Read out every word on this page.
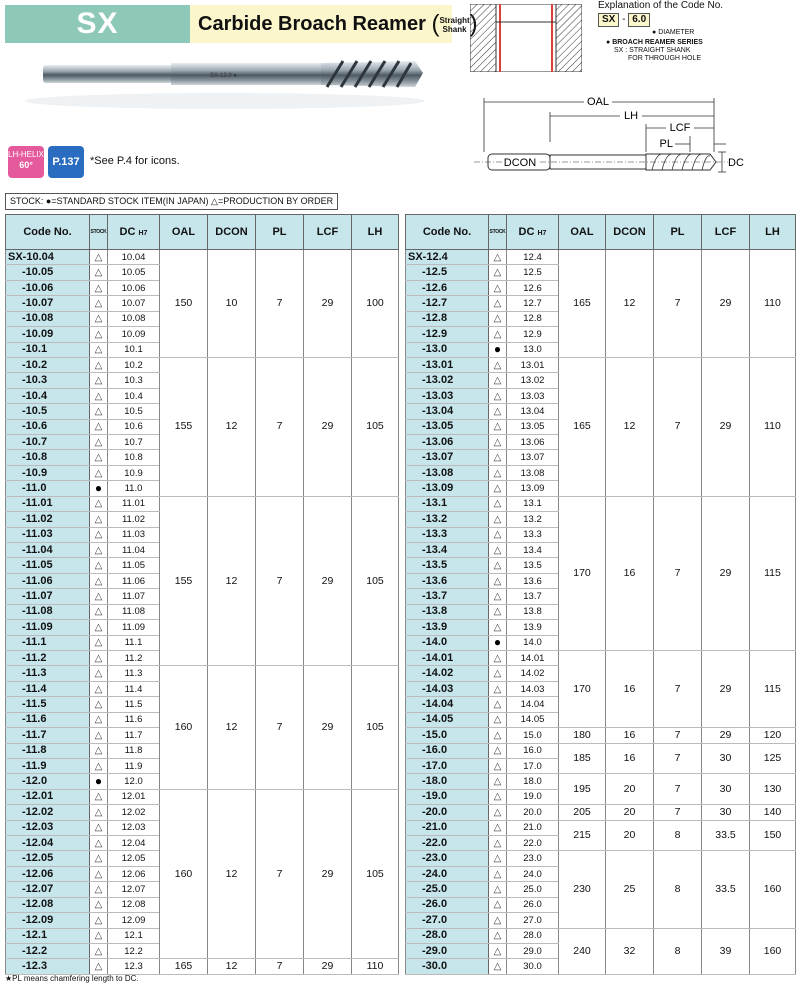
SX	Carbide Broach Reamer (Straight
Shank
SX-12.0 ●
LH-HELIX
60°	P.137 *See P.4 for icons.
Explanation of the Code No.
SX - 6.0
● DIAMETER
● BROACH REAMER SERIES
SX : STRAIGHT SHANK
FOR THROUGH HOLE
OAL
LH
LCF
PL
DCON	DC
STOCK: ●=STANDARD STOCK ITEM(IN JAPAN) △=PRODUCTION BY ORDER
Code No.	STOCK	DC H7	OAL	DCON	PL	LCF	LH
SX-10.04	△	10.04	150	10	7	29	100
-10.05	△	10.05					
-10.06	△	10.06					
-10.07	△	10.07					
-10.08	△	10.08					
-10.09	△	10.09					
-10.1	△	10.1					
-10.2	△	10.2	155	12	7	29	105
-10.3	△	10.3					
-10.4	△	10.4					
-10.5	△	10.5					
-10.6	△	10.6					
-10.7	△	10.7					
-10.8	△	10.8					
-10.9	△	10.9					
-11.0	●	11.0					
-11.01	△	11.01	155	12	7	29	105
-11.02	△	11.02					
-11.03	△	11.03					
-11.04	△	11.04					
-11.05	△	11.05					
-11.06	△	11.06					
-11.07	△	11.07					
-11.08	△	11.08					
-11.09	△	11.09					
-11.1	△	11.1					
-11.2	△	11.2					
-11.3	△	11.3	160	12	7	29	105
-11.4	△	11.4					
-11.5	△	11.5					
-11.6	△	11.6					
-11.7	△	11.7					
-11.8	△	11.8					
-11.9	△	11.9					
-12.0	●	12.0					
-12.01	△	12.01	160	12	7	29	105
-12.02	△	12.02					
-12.03	△	12.03					
-12.04	△	12.04					
-12.05	△	12.05					
-12.06	△	12.06					
-12.07	△	12.07					
-12.08	△	12.08					
-12.09	△	12.09					
-12.1	△	12.1					
-12.2	△	12.2					
-12.3	△	12.3	165	12	7	29	110
Code No.	STOCK	DC H7	OAL	DCON	PL	LCF	LH
SX-12.4	△	12.4	165	12	7	29	110
-12.5	△	12.5					
-12.6	△	12.6					
-12.7	△	12.7					
-12.8	△	12.8					
-12.9	△	12.9					
-13.0	●	13.0					
-13.01	△	13.01	165	12	7	29	110
-13.02	△	13.02					
-13.03	△	13.03					
-13.04	△	13.04					
-13.05	△	13.05					
-13.06	△	13.06					
-13.07	△	13.07					
-13.08	△	13.08					
-13.09	△	13.09					
-13.1	△	13.1	170	16	7	29	115
-13.2	△	13.2					
-13.3	△	13.3					
-13.4	△	13.4					
-13.5	△	13.5					
-13.6	△	13.6					
-13.7	△	13.7					
-13.8	△	13.8					
-13.9	△	13.9					
-14.0	●	14.0					
-14.01	△	14.01	170	16	7	29	115
-14.02	△	14.02					
-14.03	△	14.03					
-14.04	△	14.04					
-14.05	△	14.05					
-15.0	△	15.0	180	16	7	29	120
-16.0	△	16.0	185	16	7	30	125
-17.0	△	17.0					
-18.0	△	18.0	195	20	7	30	130
-19.0	△	19.0					
-20.0	△	20.0	205	20	7	30	140
-21.0	△	21.0	215	20	8	33.5	150
-22.0	△	22.0					
-23.0	△	23.0	230	25	8	33.5	160
-24.0	△	24.0					
-25.0	△	25.0					
-26.0	△	26.0					
-27.0	△	27.0					
-28.0	△	28.0	240	32	8	39	160
-29.0	△	29.0					
-30.0	△	30.0					
★PL means chamfering length to DC.
